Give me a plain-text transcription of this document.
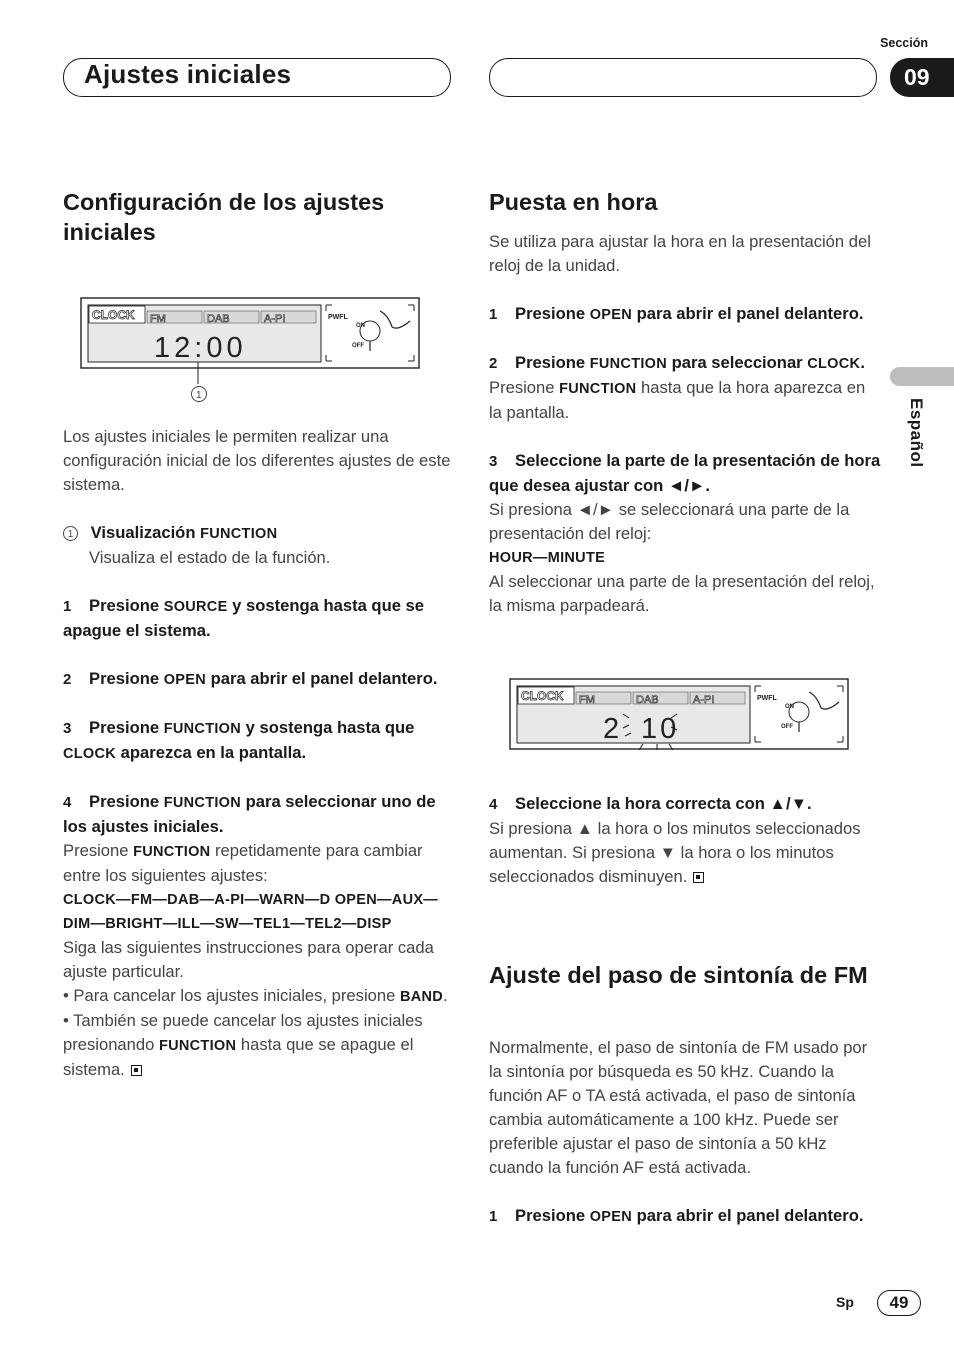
Ajustes iniciales
Sección
09
Español
Configuración de los ajustes iniciales
CLOCK FM	DAB	A-PI
12:00
PWFL
ON
OFF
1

Los ajustes iniciales le permiten realizar una configuración inicial de los diferentes ajustes de este sistema.

1 Visualización FUNCTION

Visualiza el estado de la función.

1 Presione SOURCE y sostenga hasta que se apague el sistema.

2 Presione OPEN para abrir el panel delantero.

3 Presione FUNCTION y sostenga hasta que CLOCK aparezca en la pantalla.

4 Presione FUNCTION para seleccionar uno de los ajustes iniciales.

Presione FUNCTION repetidamente para cambiar entre los siguientes ajustes:

CLOCK—FM—DAB—A-PI—WARN—D OPEN—AUX—DIM—BRIGHT—ILL—SW—TEL1—TEL2—DISP

Siga las siguientes instrucciones para operar cada ajuste particular.

• Para cancelar los ajustes iniciales, presione BAND.

• También se puede cancelar los ajustes iniciales presionando FUNCTION hasta que se apague el sistema.

Puesta en hora

Se utiliza para ajustar la hora en la presentación del reloj de la unidad.

1 Presione OPEN para abrir el panel delantero.

2 Presione FUNCTION para seleccionar CLOCK.

Presione FUNCTION hasta que la hora aparezca en la pantalla.

3 Seleccione la parte de la presentación de hora que desea ajustar con ◄/►.

Si presiona ◄/► se seleccionará una parte de la presentación del reloj:

HOUR—MINUTE

Al seleccionar una parte de la presentación del reloj, la misma parpadeará.

CLOCK FM	DAB	A-PI
2 10
PWFL
ON
OFF

4 Seleccione la hora correcta con ▲/▼.

Si presiona ▲ la hora o los minutos seleccionados aumentan. Si presiona ▼ la hora o los minutos seleccionados disminuyen.

Ajuste del paso de sintonía de FM

Normalmente, el paso de sintonía de FM usado por la sintonía por búsqueda es 50 kHz. Cuando la función AF o TA está activada, el paso de sintonía cambia automáticamente a 100 kHz. Puede ser preferible ajustar el paso de sintonía a 50 kHz cuando la función AF está activada.

1 Presione OPEN para abrir el panel delantero.

Sp	49
